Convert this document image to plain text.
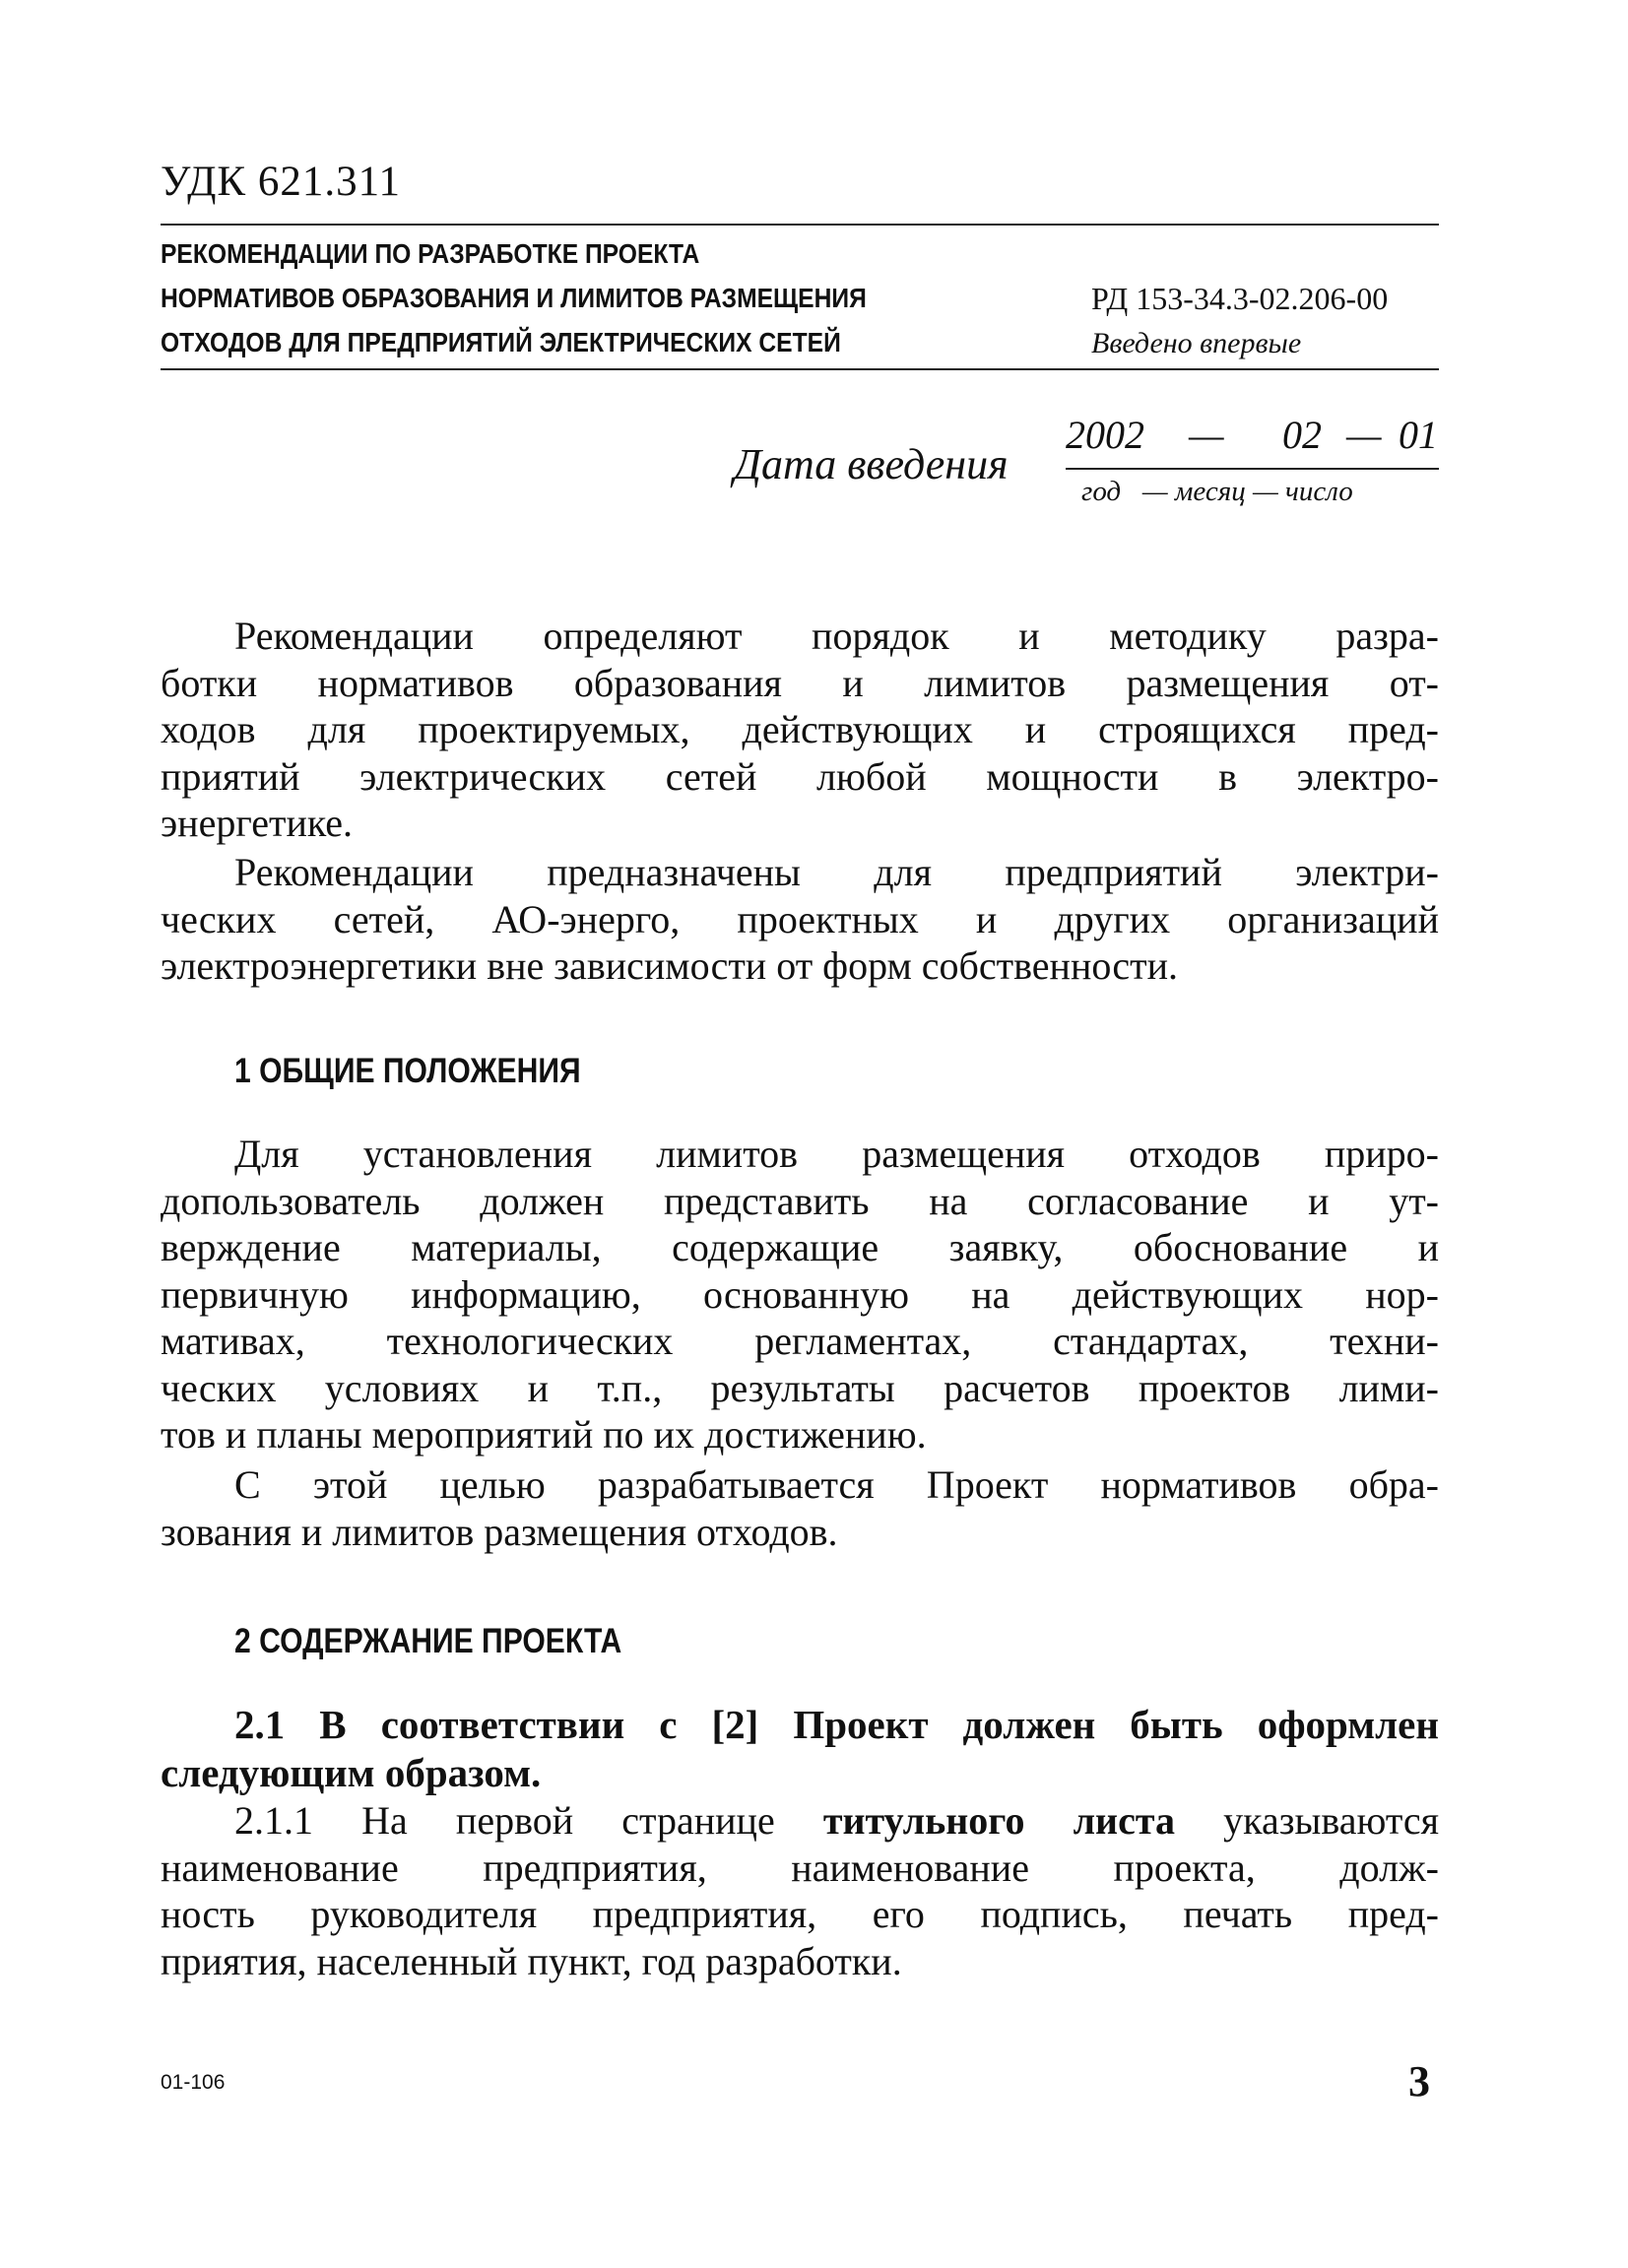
УДК 621.311
РЕКОМЕНДАЦИИ ПО РАЗРАБОТКЕ ПРОЕКТА
НОРМАТИВОВ ОБРАЗОВАНИЯ И ЛИМИТОВ РАЗМЕЩЕНИЯ
ОТХОДОВ ДЛЯ ПРЕДПРИЯТИЙ ЭЛЕКТРИЧЕСКИХ СЕТЕЙ
РД 153-34.3-02.206-00
Введено впервые
Дата введения
2002 — 02 — 01
год   — месяц — число
Рекомендации определяют порядок и методику разра-
ботки нормативов образования и лимитов размещения от-
ходов для проектируемых, действующих и строящихся пред-
приятий электрических сетей любой мощности в электро-
энергетике.
Рекомендации предназначены для предприятий электри-
ческих сетей, АО-энерго, проектных и других организаций
электроэнергетики вне зависимости от форм собственности.
1 ОБЩИЕ ПОЛОЖЕНИЯ
Для установления лимитов размещения отходов приро-
допользователь должен представить на согласование и ут-
верждение материалы, содержащие заявку, обоснование и
первичную информацию, основанную на действующих нор-
мативах, технологических регламентах, стандартах, техни-
ческих условиях и т.п., результаты расчетов проектов лими-
тов и планы мероприятий по их достижению.
С этой целью разрабатывается Проект нормативов обра-
зования и лимитов размещения отходов.
2 СОДЕРЖАНИЕ ПРОЕКТА
2.1 В соответствии с [2] Проект должен быть оформлен
следующим образом.
2.1.1 На первой странице титульного листа указываются
наименование предприятия, наименование проекта, долж-
ность руководителя предприятия, его подпись, печать пред-
приятия, населенный пункт, год разработки.
01-106	3
